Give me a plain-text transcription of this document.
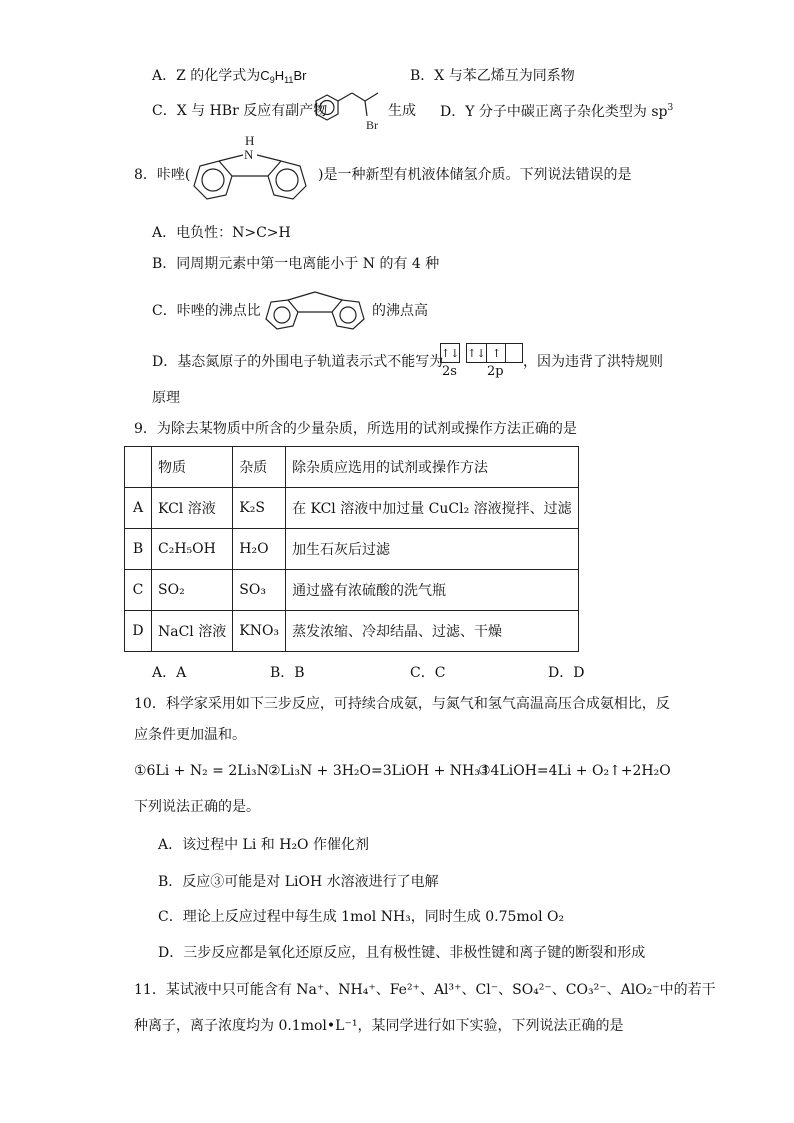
A．Z 的化学式为$C_9H_{11}Br$	B．X 与苯乙烯互为同系物
C．X 与 HBr 反应有副产物
Br
生成 D．Y 分子中碳正离子杂化类型为 $sp^3$
8．咔唑(
N
H
)是一种新型有机液体储氢介质。下列说法错误的是
A．电负性：N>C>H
B．同周期元素中第一电离能小于 N 的有 4 种
C．咔唑的沸点比	的沸点高
D．基态氮原子的外围电子轨道表示式不能写为
↑↓ ↑↓ ↑
2s 2p
，因为违背了洪特规则
原理
9．为除去某物质中所含的少量杂质，所选用的试剂或操作方法正确的是
	物质	杂质	除杂质应选用的试剂或操作方法
A	KCl 溶液	K₂S	在 KCl 溶液中加过量 CuCl₂ 溶液搅拌、过滤
B	C₂H₅OH	H₂O	加生石灰后过滤
C	SO₂	SO₃	通过盛有浓硫酸的洗气瓶
D	NaCl 溶液	KNO₃	蒸发浓缩、冷却结晶、过滤、干燥
A．A	B．B	C．C	D．D
10．科学家采用如下三步反应，可持续合成氨，与氮气和氢气高温高压合成氨相比，反
应条件更加温和。
①6Li + N₂ = 2Li₃N ②Li₃N + 3H₂O=3LiOH + NH₃↑
③4LiOH=4Li + O₂↑+2H₂O
下列说法正确的是。
A．该过程中 Li 和 H₂O 作催化剂
B．反应③可能是对 LiOH 水溶液进行了电解
C．理论上反应过程中每生成 1mol NH₃，同时生成 0.75mol O₂
D．三步反应都是氧化还原反应，且有极性键、非极性键和离子键的断裂和形成
11．某试液中只可能含有 Na⁺、NH₄⁺、Fe²⁺、Al³⁺、Cl⁻、SO₄²⁻、CO₃²⁻、AlO₂⁻中的若干
种离子，离子浓度均为 0.1mol•L⁻¹，某同学进行如下实验，下列说法正确的是
